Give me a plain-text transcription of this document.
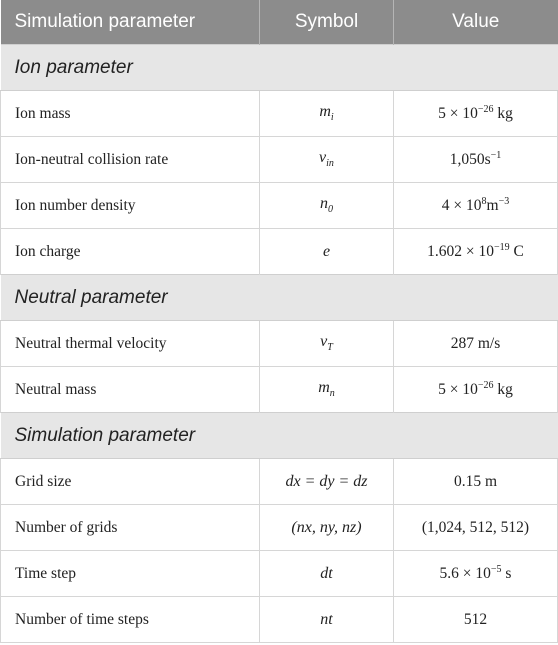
Simulation parameter	Symbol	Value
Ion parameter		
Ion mass	$m_i$	$5 \times 10^{-26}$ kg
Ion-neutral collision rate	$v_{in}$	$1,050s^{-1}$
Ion number density	$n_0$	$4 \times 10^8m^{-3}$
Ion charge	e	$1.602 \times 10^{-19}$ C
Neutral parameter		
Neutral thermal velocity	$v_T$	287 m/s
Neutral mass	$m_n$	$5 \times 10^{-26}$ kg
Simulation parameter		
Grid size	dx = dy = dz	0.15 m
Number of grids	(nx, ny, nz)	(1,024, 512, 512)
Time step	dt	$5.6 \times 10^{-5}$ s
Number of time steps	nt	512
